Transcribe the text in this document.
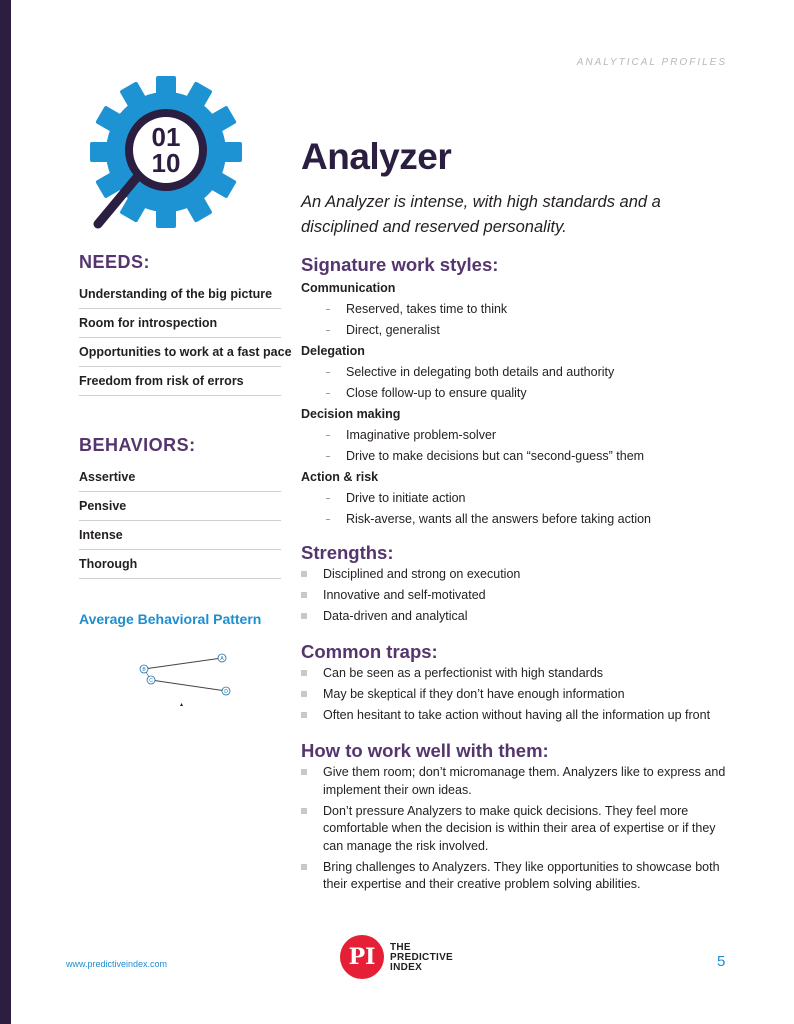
ANALYTICAL PROFILES
01
10	Analyzer

An Analyzer is intense, with high standards and a disciplined and reserved personality.

NEEDS:
Understanding of the big picture
Room for introspection
Opportunities to work at a fast pace
Freedom from risk of errors
BEHAVIORS:
Assertive
Pensive
Intense
Thorough
Average Behavioral Pattern
A
B
C
D
Signature work styles:
Communication
Reserved, takes time to think
Direct, generalist
Delegation
Selective in delegating both details and authority
Close follow-up to ensure quality
Decision making
Imaginative problem-solver
Drive to make decisions but can “second-guess” them
Action & risk
Drive to initiate action
Risk-averse, wants all the answers before taking action
Strengths:
Disciplined and strong on execution
Innovative and self-motivated
Data-driven and analytical
Common traps:
Can be seen as a perfectionist with high standards
May be skeptical if they don’t have enough information
Often hesitant to take action without having all the information up front
How to work well with them:
Give them room; don’t micromanage them. Analyzers like to express and implement their own ideas.
Don’t pressure Analyzers to make quick decisions. They feel more comfortable when the decision is within their area of expertise or if they can manage the risk involved.
Bring challenges to Analyzers. They like opportunities to showcase both their expertise and their creative problem solving abilities.
www.predictiveindex.com	PI	THE
PREDICTIVE
INDEX	5
